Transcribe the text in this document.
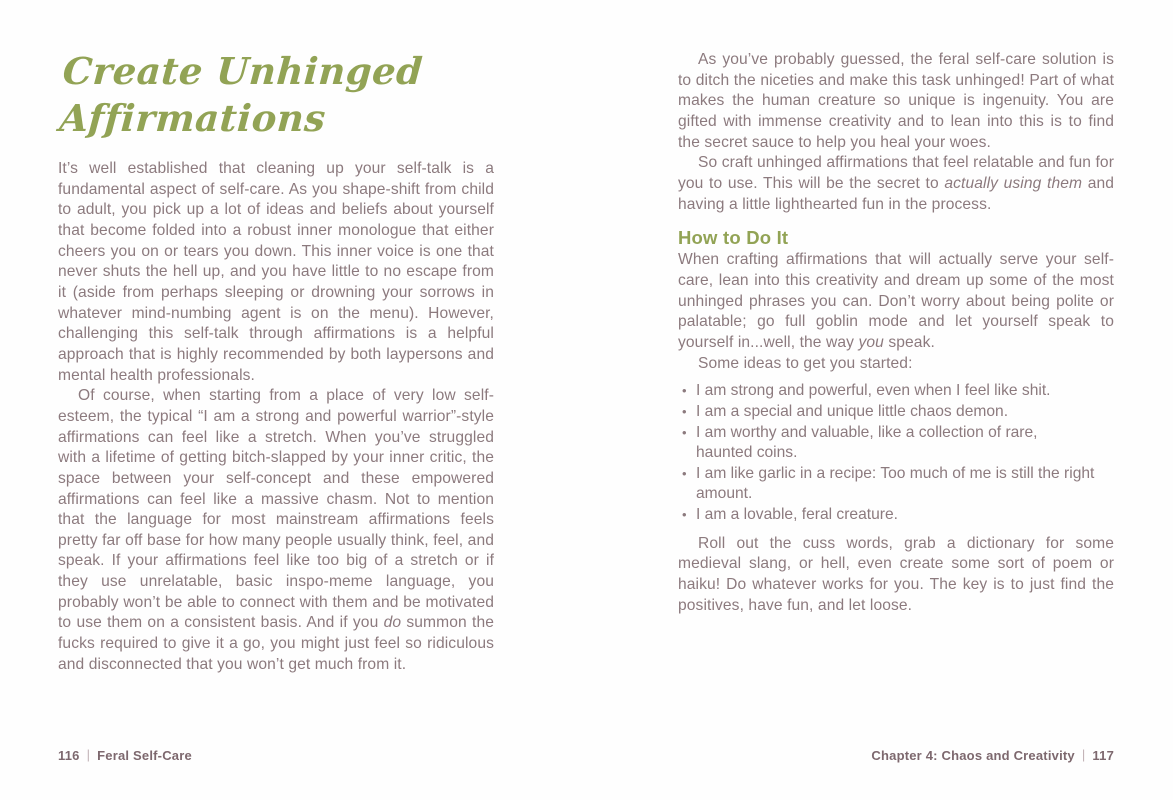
Create Unhinged
Affirmations

It’s well established that cleaning up your self-talk is a fundamental aspect of self-care. As you shape-shift from child to adult, you pick up a lot of ideas and beliefs about yourself that become folded into a robust inner monologue that either cheers you on or tears you down. This inner voice is one that never shuts the hell up, and you have little to no escape from it (aside from perhaps sleeping or drowning your sorrows in whatever mind-numbing agent is on the menu). However, challenging this self-talk through affirmations is a helpful approach that is highly recommended by both laypersons and mental health professionals.

Of course, when starting from a place of very low self-esteem, the typical “I am a strong and powerful warrior”-style affirmations can feel like a stretch. When you’ve struggled with a lifetime of getting bitch-slapped by your inner critic, the space between your self-concept and these empowered affirmations can feel like a massive chasm. Not to mention that the language for most mainstream affirmations feels pretty far off base for how many people usually think, feel, and speak. If your affirmations feel like too big of a stretch or if they use unrelatable, basic inspo-meme language, you probably won’t be able to connect with them and be motivated to use them on a consistent basis. And if you do summon the fucks required to give it a go, you might just feel so ridiculous and disconnected that you won’t get much from it.

116 | Feral Self-Care

As you’ve probably guessed, the feral self-care solution is to ditch the niceties and make this task unhinged! Part of what makes the human creature so unique is ingenuity. You are gifted with immense creativity and to lean into this is to find the secret sauce to help you heal your woes.

So craft unhinged affirmations that feel relatable and fun for you to use. This will be the secret to actually using them and having a little lighthearted fun in the process.

How to Do It

When crafting affirmations that will actually serve your self-care, lean into this creativity and dream up some of the most unhinged phrases you can. Don’t worry about being polite or palatable; go full goblin mode and let yourself speak to yourself in...well, the way you speak.

Some ideas to get you started:

• I am strong and powerful, even when I feel like shit.
• I am a special and unique little chaos demon.
• I am worthy and valuable, like a collection of rare, haunted coins.
• I am like garlic in a recipe: Too much of me is still the right amount.
• I am a lovable, feral creature.

Roll out the cuss words, grab a dictionary for some medieval slang, or hell, even create some sort of poem or haiku! Do whatever works for you. The key is to just find the positives, have fun, and let loose.

Chapter 4: Chaos and Creativity | 117
